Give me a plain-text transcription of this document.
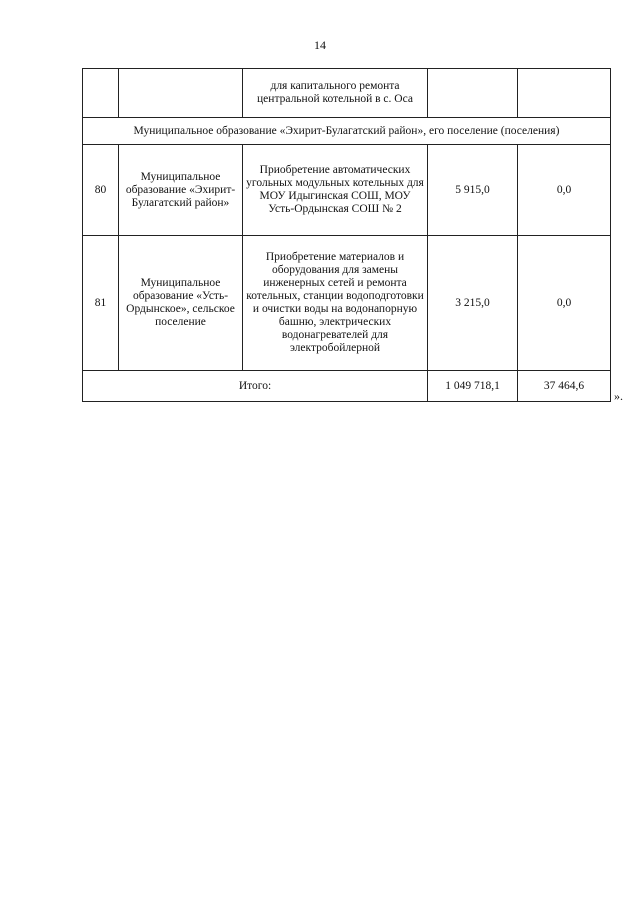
14
		для капитального ремонта центральной котельной в с. Оса		
Муниципальное образование «Эхирит-Булагатский район», его поселение (поселения)				
80	Муниципальное образование «Эхирит-Булагатский район»	Приобретение автоматических угольных модульных котельных для МОУ Идыгинская СОШ, МОУ Усть-Ордынская СОШ № 2	5 915,0	0,0
81	Муниципальное образование «Усть-Ордынское», сельское поселение	Приобретение материалов и оборудования для замены инженерных сетей и ремонта котельных, станции водоподготовки и очистки воды на водонапорную башню, электрических водонагревателей для электробойлерной	3 215,0	0,0
Итого:			1 049 718,1	37 464,6
».
